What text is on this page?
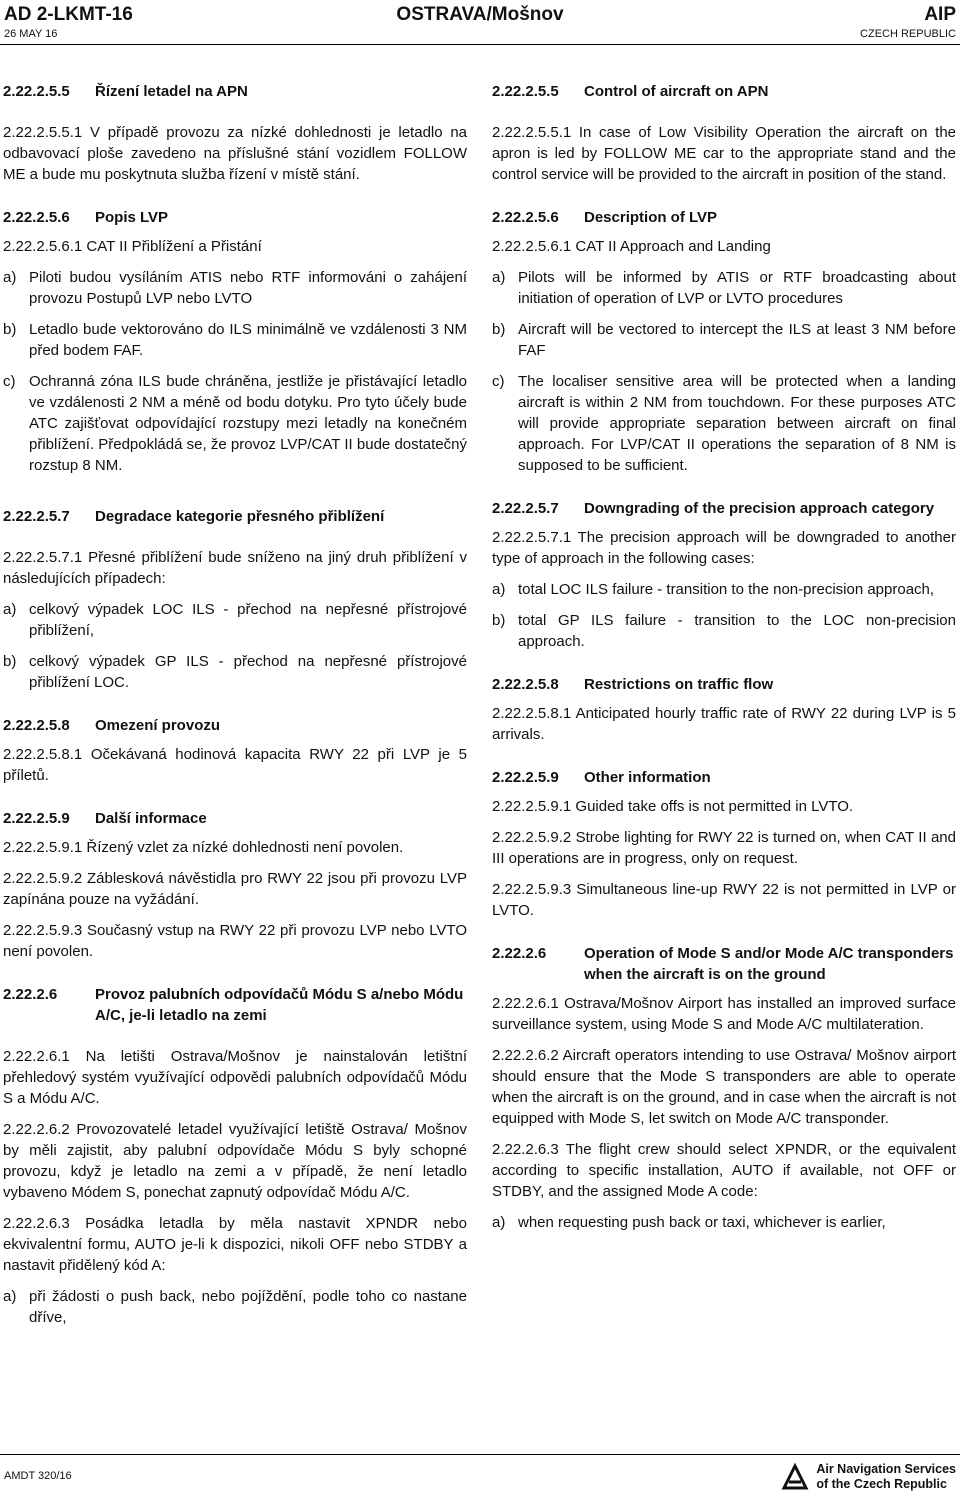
AD 2-LKMT-16
26 MAY 16
OSTRAVA/Mošnov	AIP
CZECH REPUBLIC
2.22.2.5.5	Řízení letadel na APN

2.22.2.5.5.1 V případě provozu za nízké dohlednosti je letadlo na odbavovací ploše zavedeno na příslušné stání vozidlem FOLLOW ME a bude mu poskytnuta služba řízení v místě stání.

2.22.2.5.6	Popis LVP

2.22.2.5.6.1 CAT II Přiblížení a Přistání

a) Piloti budou vysíláním ATIS nebo RTF informováni o zahájení provozu Postupů LVP nebo LVTO
b) Letadlo bude vektorováno do ILS minimálně ve vzdálenosti 3 NM před bodem FAF.
c) Ochranná zóna ILS bude chráněna, jestliže je přistávající letadlo ve vzdálenosti 2 NM a méně od bodu dotyku. Pro tyto účely bude ATC zajišťovat odpovídající rozstupy mezi letadly na konečném přiblížení. Předpokládá se, že provoz LVP/CAT II bude dostatečný rozstup 8 NM.
2.22.2.5.7	Degradace kategorie přesného přiblížení

2.22.2.5.7.1 Přesné přiblížení bude sníženo na jiný druh přiblížení v následujících případech:

a) celkový výpadek LOC ILS - přechod na nepřesné přístrojové přiblížení,
b) celkový výpadek GP ILS - přechod na nepřesné přístrojové přiblížení LOC.
2.22.2.5.8	Omezení provozu

2.22.2.5.8.1 Očekávaná hodinová kapacita RWY 22 při LVP je 5 příletů.

2.22.2.5.9	Další informace

2.22.2.5.9.1 Řízený vzlet za nízké dohlednosti není povolen.

2.22.2.5.9.2 Záblesková návěstidla pro RWY 22 jsou při provozu LVP zapínána pouze na vyžádání.

2.22.2.5.9.3 Současný vstup na RWY 22 při provozu LVP nebo LVTO není povolen.

2.22.2.6	Provoz palubních odpovídačů Módu S a/nebo Módu A/C, je-li letadlo na zemi

2.22.2.6.1 Na letišti Ostrava/Mošnov je nainstalován letištní přehledový systém využívající odpovědi palubních odpovídačů Módu S a Módu A/C.

2.22.2.6.2 Provozovatelé letadel využívající letiště Ostrava/ Mošnov by měli zajistit, aby palubní odpovídače Módu S byly schopné provozu, když je letadlo na zemi a v případě, že není letadlo vybaveno Módem S, ponechat zapnutý odpovídač Módu A/C.

2.22.2.6.3 Posádka letadla by měla nastavit XPNDR nebo ekvivalentní formu, AUTO je-li k dispozici, nikoli OFF nebo STDBY a nastavit přidělený kód A:

a) při žádosti o push back, nebo pojíždění, podle toho co nastane dříve,
2.22.2.5.5	Control of aircraft on APN

2.22.2.5.5.1 In case of Low Visibility Operation the aircraft on the apron is led by FOLLOW ME car to the appropriate stand and the control service will be provided to the aircraft in position of the stand.

2.22.2.5.6	Description of LVP

2.22.2.5.6.1 CAT II Approach and Landing

a) Pilots will be informed by ATIS or RTF broadcasting about initiation of operation of LVP or LVTO procedures
b) Aircraft will be vectored to intercept the ILS at least 3 NM before FAF
c) The localiser sensitive area will be protected when a landing aircraft is within 2 NM from touchdown. For these purposes ATC will provide appropriate separation between aircraft on final approach. For LVP/CAT II operations the separation of 8 NM is supposed to be sufficient.
2.22.2.5.7	Downgrading of the precision approach category

2.22.2.5.7.1 The precision approach will be downgraded to another type of approach in the following cases:

a) total LOC ILS failure - transition to the non-precision approach,
b) total GP ILS failure - transition to the LOC non-precision approach.
2.22.2.5.8	Restrictions on traffic flow

2.22.2.5.8.1 Anticipated hourly traffic rate of RWY 22 during LVP is 5 arrivals.

2.22.2.5.9	Other information

2.22.2.5.9.1 Guided take offs is not permitted in LVTO.

2.22.2.5.9.2 Strobe lighting for RWY 22 is turned on, when CAT II and III operations are in progress, only on request.

2.22.2.5.9.3 Simultaneous line-up RWY 22 is not permitted in LVP or LVTO.

2.22.2.6	Operation of Mode S and/or Mode A/C transponders when the aircraft is on the ground

2.22.2.6.1 Ostrava/Mošnov Airport has installed an improved surface surveillance system, using Mode S and Mode A/C multilateration.

2.22.2.6.2 Aircraft operators intending to use Ostrava/ Mošnov airport should ensure that the Mode S transponders are able to operate when the aircraft is on the ground, and in case when the aircraft is not equipped with Mode S, let switch on Mode A/C transponder.

2.22.2.6.3 The flight crew should select XPNDR, or the equivalent according to specific installation, AUTO if available, not OFF or STDBY, and the assigned Mode A code:

a) when requesting push back or taxi, whichever is earlier,
AMDT 320/16	Air Navigation Services
of the Czech Republic
